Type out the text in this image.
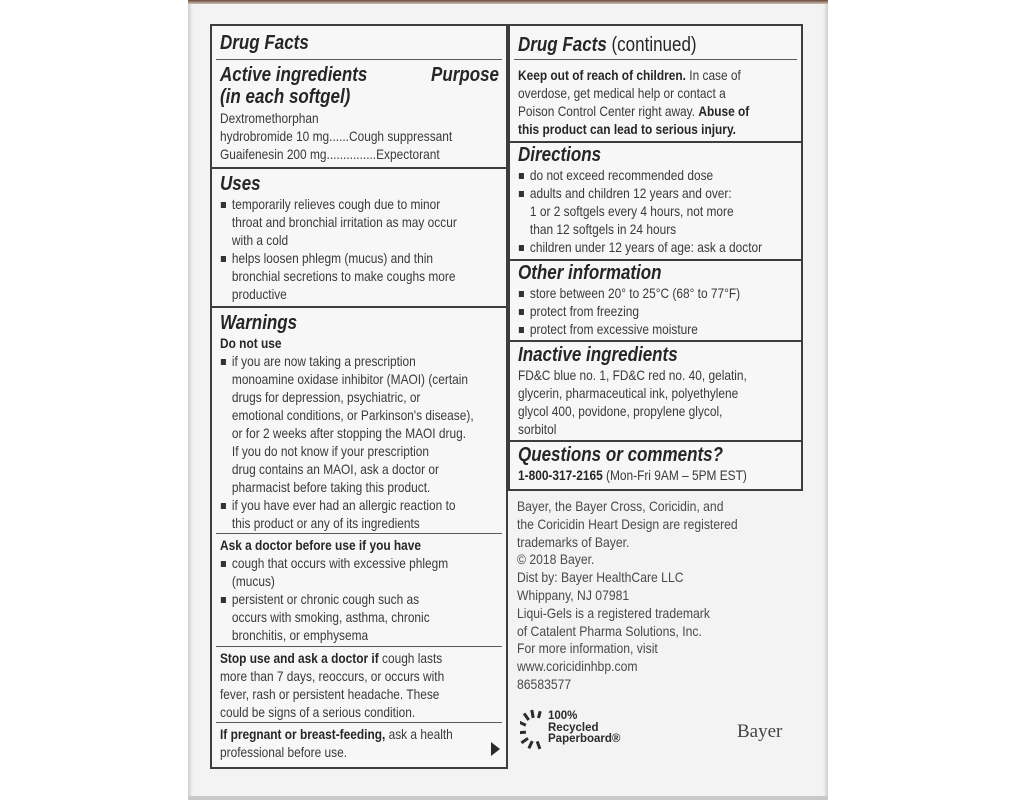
Drug Facts
Active ingredients	Purpose
(in each softgel)
Dextromethorphan
hydrobromide 10 mg......Cough suppressant
Guaifenesin 200 mg...............Expectorant
Uses
temporarily relieves cough due to minor
throat and bronchial irritation as may occur
with a cold
helps loosen phlegm (mucus) and thin
bronchial secretions to make coughs more
productive
Warnings
Do not use
if you are now taking a prescription
monoamine oxidase inhibitor (MAOI) (certain
drugs for depression, psychiatric, or
emotional conditions, or Parkinson's disease),
or for 2 weeks after stopping the MAOI drug.
If you do not know if your prescription
drug contains an MAOI, ask a doctor or
pharmacist before taking this product.
if you have ever had an allergic reaction to
this product or any of its ingredients
Ask a doctor before use if you have
cough that occurs with excessive phlegm
(mucus)
persistent or chronic cough such as
occurs with smoking, asthma, chronic
bronchitis, or emphysema
Stop use and ask a doctor if cough lasts
more than 7 days, reoccurs, or occurs with
fever, rash or persistent headache. These
could be signs of a serious condition.
If pregnant or breast-feeding, ask a health
professional before use.
Drug Facts (continued)
Keep out of reach of children. In case of
overdose, get medical help or contact a
Poison Control Center right away. Abuse of
this product can lead to serious injury.
Directions
do not exceed recommended dose
adults and children 12 years and over:
1 or 2 softgels every 4 hours, not more
than 12 softgels in 24 hours
children under 12 years of age: ask a doctor
Other information
store between 20° to 25°C (68° to 77°F)
protect from freezing
protect from excessive moisture
Inactive ingredients
FD&C blue no. 1, FD&C red no. 40, gelatin,
glycerin, pharmaceutical ink, polyethylene
glycol 400, povidone, propylene glycol,
sorbitol
Questions or comments?
1-800-317-2165 (Mon-Fri 9AM – 5PM EST)
Bayer, the Bayer Cross, Coricidin, and
the Coricidin Heart Design are registered
trademarks of Bayer.
© 2018 Bayer.
Dist by: Bayer HealthCare LLC
Whippany, NJ 07981
Liqui-Gels is a registered trademark
of Catalent Pharma Solutions, Inc.
For more information, visit
www.coricidinhbp.com
86583577
100%
Recycled
Paperboard®	Bayer
